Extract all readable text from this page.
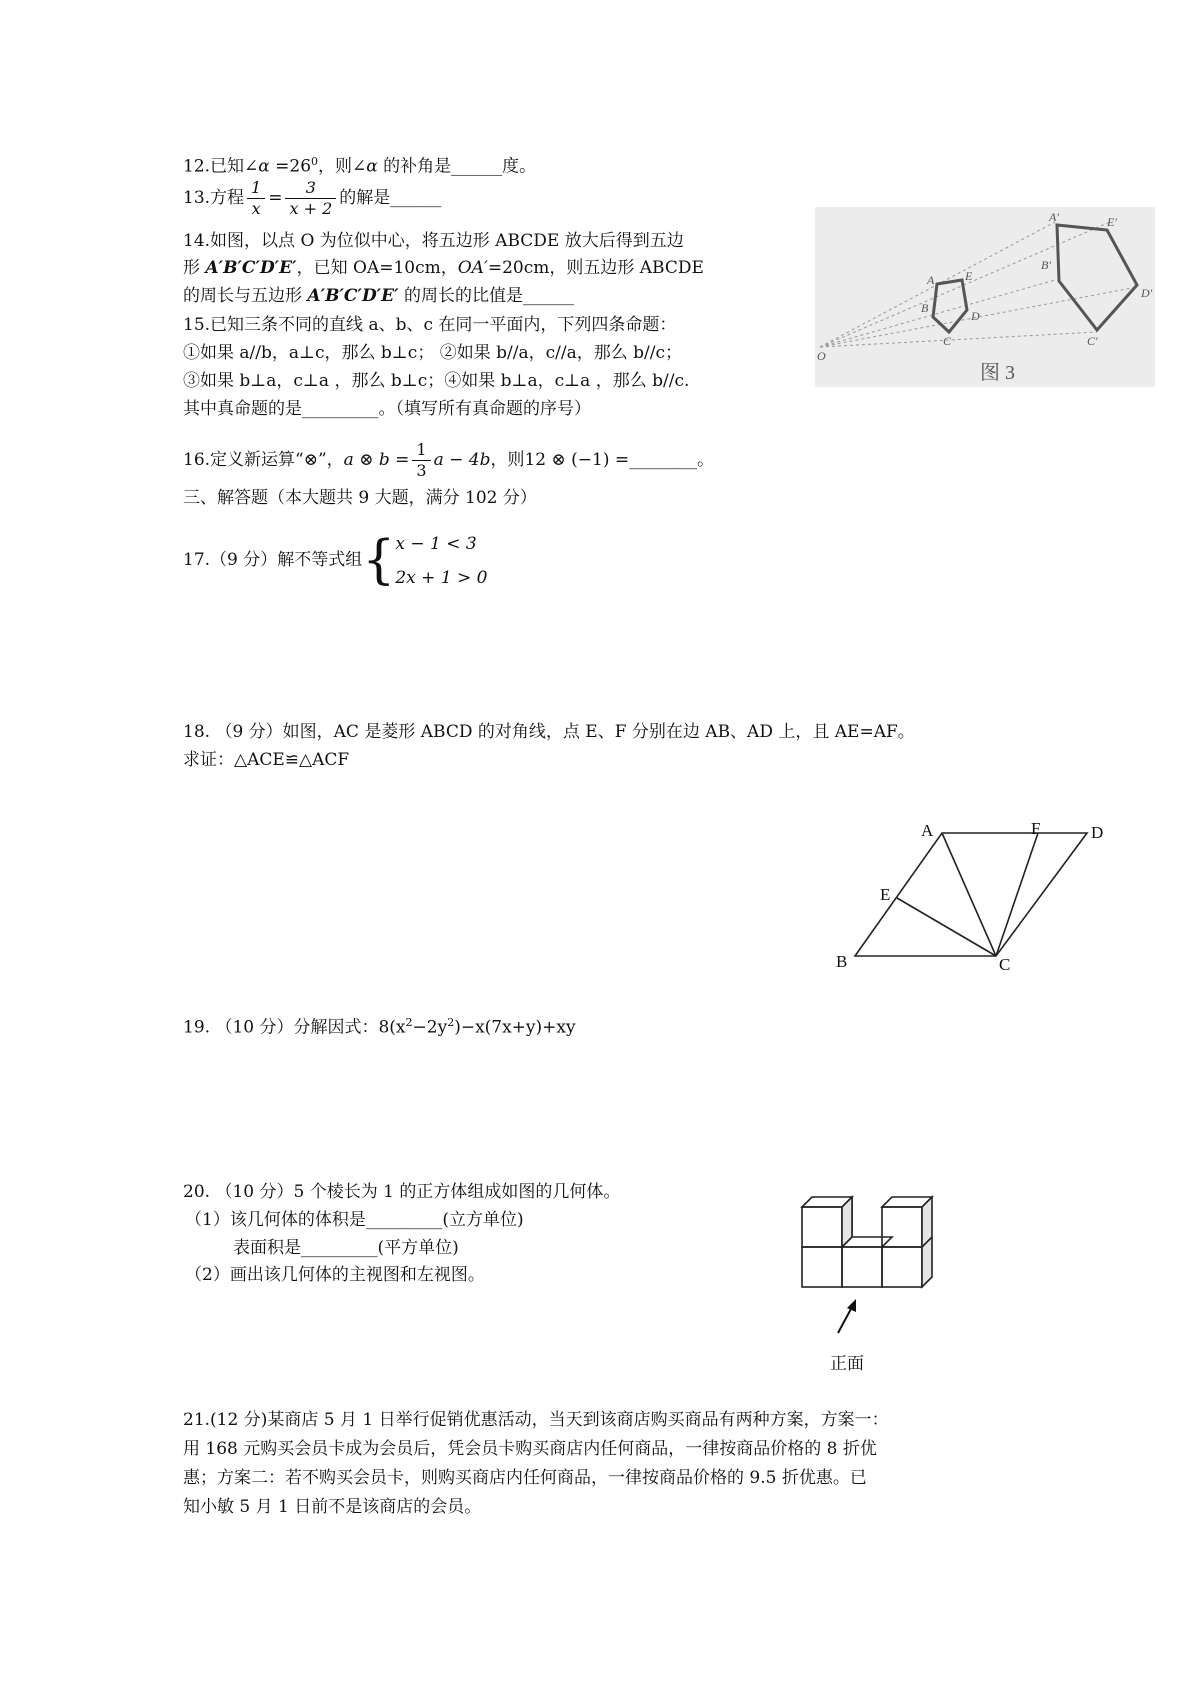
12.已知∠α $=26^0$，则∠α 的补角是______度。
13.方程 $\frac{1}{x} = \frac{3}{x + 2}$ 的解是______
14.如图，以点 O 为位似中心，将五边形 ABCDE 放大后得到五边
形 A′B′C′D′E′，已知 OA=10cm，OA′=20cm，则五边形 ABCDE
的周长与五边形 A′B′C′D′E′ 的周长的比值是______
15.已知三条不同的直线 a、b、c 在同一平面内，下列四条命题：
①如果 a//b，a⊥c，那么 b⊥c； ②如果 b//a，c//a，那么 b//c；
③如果 b⊥a，c⊥a ，那么 b⊥c；④如果 b⊥a，c⊥a ，那么 b//c.
其中真命题的是_________。（填写所有真命题的序号）
16.定义新运算“⊗”，a ⊗ $b = \frac{1}{3}$ a − 4b，则12 ⊗ (−1) =________。
三、解答题（本大题共 9 大题，满分 102 分）
17.（9 分）解不等式组{ x − 1 < 3
2x + 1 > 0
18. （9 分）如图，AC 是菱形 ABCD 的对角线，点 E、F 分别在边 AB、AD 上，且 AE=AF。
求证：△ACE≌△ACF
19. （10 分）分解因式：$8(x^2-2y^2)-x(7x+y)+xy$
20. （10 分）5 个棱长为 1 的正方体组成如图的几何体。
（1）该几何体的体积是_________(立方单位)
表面积是_________(平方单位)
（2）画出该几何体的主视图和左视图。
21.(12 分)某商店 5 月 1 日举行促销优惠活动，当天到该商店购买商品有两种方案，方案一：
用 168 元购买会员卡成为会员后，凭会员卡购买商店内任何商品，一律按商品价格的 8 折优
惠；方案二：若不购买会员卡，则购买商店内任何商品，一律按商品价格的 9.5 折优惠。已
知小敏 5 月 1 日前不是该商店的会员。
O
A
B
C
D
E
A′
B′
C′
D′
E′
图 3
A	F	D
E
B	C
正面
